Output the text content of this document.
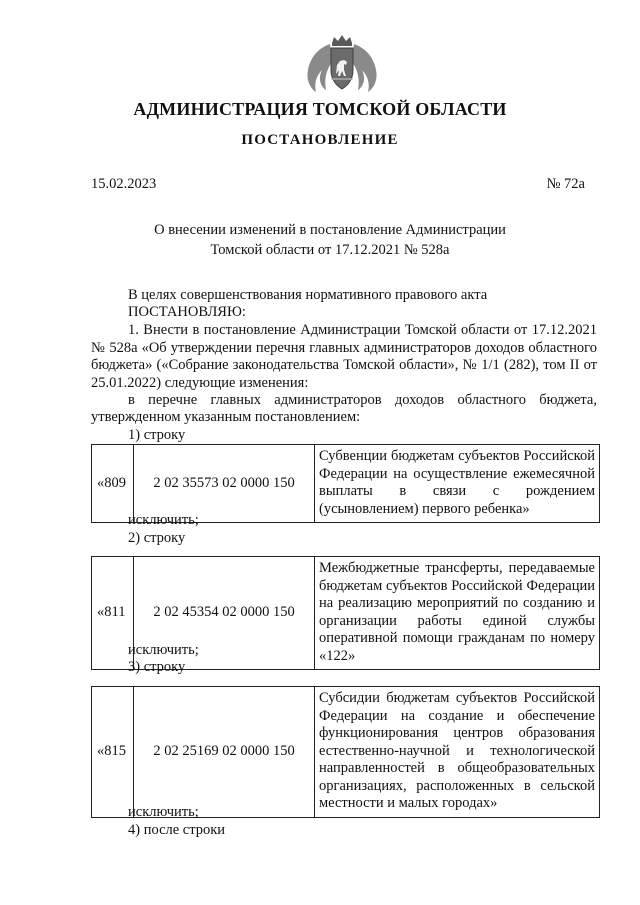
АДМИНИСТРАЦИЯ ТОМСКОЙ ОБЛАСТИ
ПОСТАНОВЛЕНИЕ
15.02.2023	№ 72а
О внесении изменений в постановление Администрации
Томской области от 17.12.2021 № 528а
В целях совершенствования нормативного правового акта
ПОСТАНОВЛЯЮ:
1. Внести в постановление Администрации Томской области от 17.12.2021 № 528а «Об утверждении перечня главных администраторов доходов областного бюджета» («Собрание законодательства Томской области», № 1/1 (282), том II от 25.01.2022) следующие изменения:
в перечне главных администраторов доходов областного бюджета,
утвержденном указанным постановлением:
1) строку
«809	2 02 35573 02 0000 150	Субвенции бюджетам субъектов Российской Федерации на осуществление ежемесячной выплаты в связи с рождением (усыновлением) первого ребенка»
исключить;
2) строку
«811	2 02 45354 02 0000 150	Межбюджетные трансферты, передаваемые бюджетам субъектов Российской Федерации на реализацию мероприятий по созданию и организации работы единой службы оперативной помощи гражданам по номеру «122»
исключить;
3) строку
«815	2 02 25169 02 0000 150	Субсидии бюджетам субъектов Российской Федерации на создание и обеспечение функционирования центров образования естественно-научной и технологической направленностей в общеобразовательных организациях, расположенных в сельской местности и малых городах»
исключить;
4) после строки
